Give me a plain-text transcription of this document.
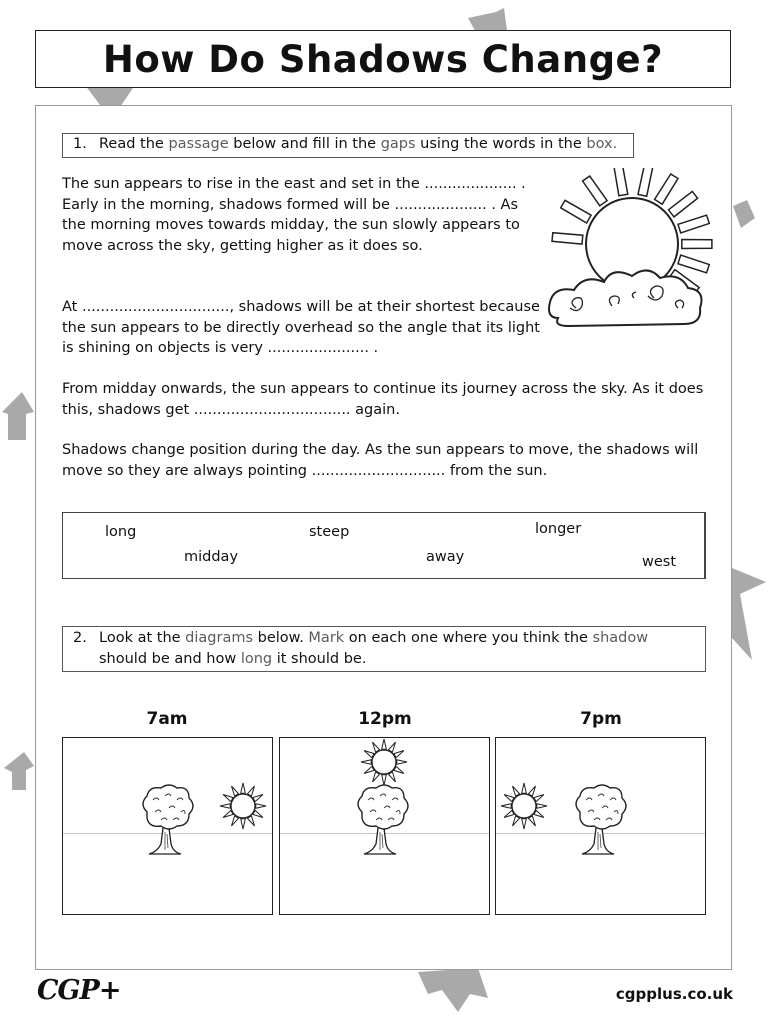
How Do Shadows Change?
1. Read the passage below and fill in the gaps using the words in the box.
The sun appears to rise in the east and set in the .................... . Early in the morning, shadows formed will be .................... . As the morning moves towards midday, the sun slowly appears to move across the sky, getting higher as it does so.
At ................................, shadows will be at their shortest because the sun appears to be directly overhead so the angle that its light is shining on objects is very ...................... .
From midday onwards, the sun appears to continue its journey across the sky. As it does this, shadows get .................................. again.
Shadows change position during the day. As the sun appears to move, the shadows will move so they are always pointing ............................. from the sun.
long	steep	longer
midday	away	west
2. Look at the diagrams below. Mark on each one where you think the shadow should be and how long it should be.
7am	12pm	7pm
CGP+	cgpplus.co.uk
